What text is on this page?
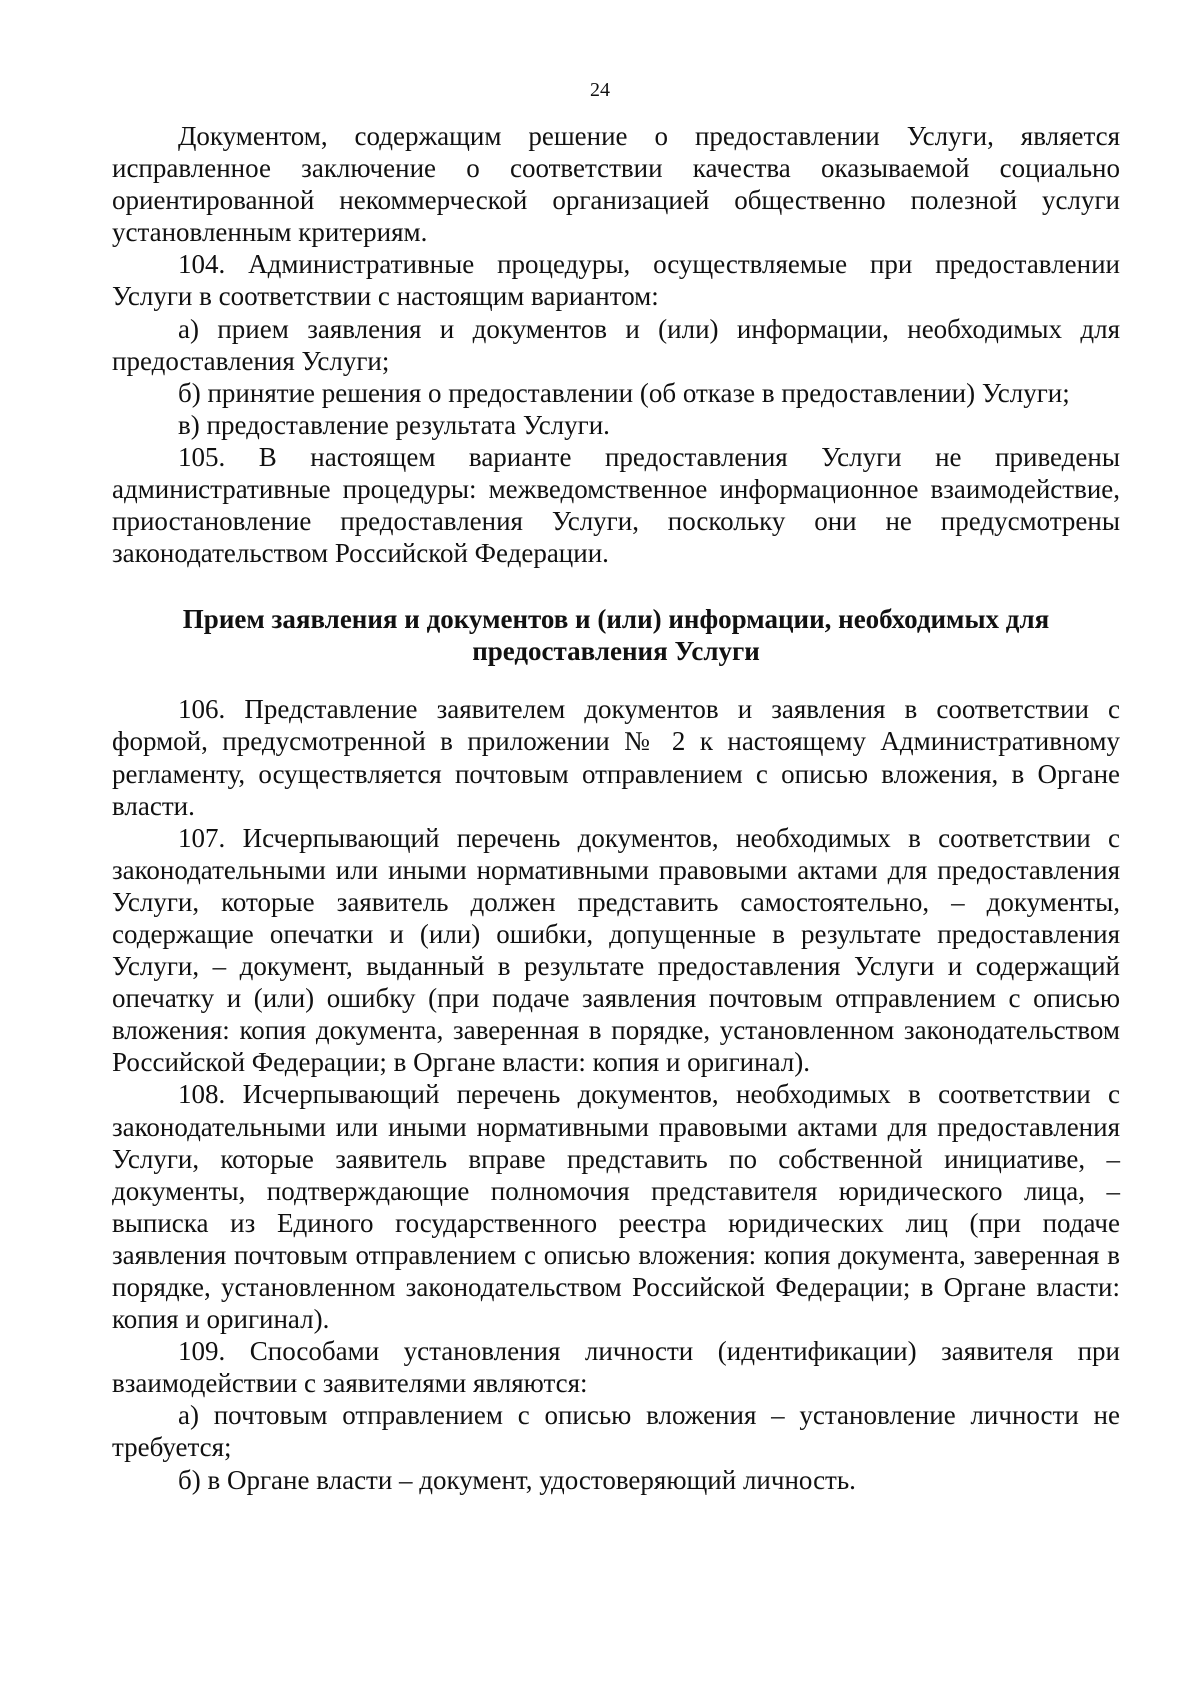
24

Документом, содержащим решение о предоставлении Услуги, является исправленное заключение о соответствии качества оказываемой социально ориентированной некоммерческой организацией общественно полезной услуги установленным критериям.

104. Административные процедуры, осуществляемые при предоставлении Услуги в соответствии с настоящим вариантом:

а) прием заявления и документов и (или) информации, необходимых для предоставления Услуги;

б) принятие решения о предоставлении (об отказе в предоставлении) Услуги;

в) предоставление результата Услуги.

105. В настоящем варианте предоставления Услуги не приведены административные процедуры: межведомственное информационное взаимодействие, приостановление предоставления Услуги, поскольку они не предусмотрены законодательством Российской Федерации.

Прием заявления и документов и (или) информации, необходимых для предоставления Услуги

106. Представление заявителем документов и заявления в соответствии с формой, предусмотренной в приложении № 2 к настоящему Административному регламенту, осуществляется почтовым отправлением с описью вложения, в Органе власти.

107. Исчерпывающий перечень документов, необходимых в соответствии с законодательными или иными нормативными правовыми актами для предоставления Услуги, которые заявитель должен представить самостоятельно, – документы, содержащие опечатки и (или) ошибки, допущенные в результате предоставления Услуги, – документ, выданный в результате предоставления Услуги и содержащий опечатку и (или) ошибку (при подаче заявления почтовым отправлением с описью вложения: копия документа, заверенная в порядке, установленном законодательством Российской Федерации; в Органе власти: копия и оригинал).

108. Исчерпывающий перечень документов, необходимых в соответствии с законодательными или иными нормативными правовыми актами для предоставления Услуги, которые заявитель вправе представить по собственной инициативе, – документы, подтверждающие полномочия представителя юридического лица, – выписка из Единого государственного реестра юридических лиц (при подаче заявления почтовым отправлением с описью вложения: копия документа, заверенная в порядке, установленном законодательством Российской Федерации; в Органе власти: копия и оригинал).

109. Способами установления личности (идентификации) заявителя при взаимодействии с заявителями являются:

а) почтовым отправлением с описью вложения – установление личности не требуется;

б) в Органе власти – документ, удостоверяющий личность.
